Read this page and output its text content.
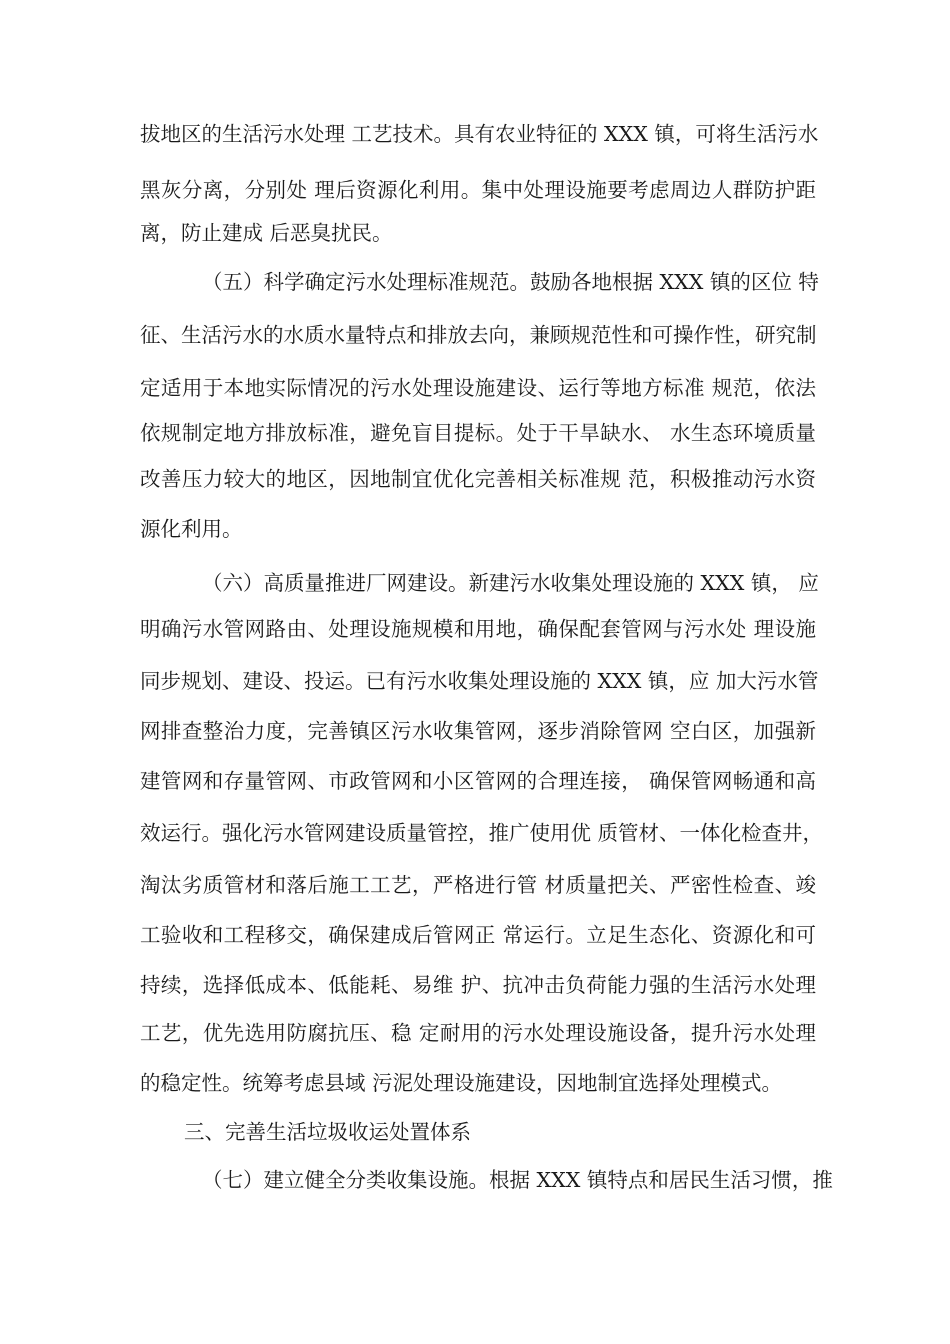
拔地区的生活污水处理 工艺技术。具有农业特征的 XXX 镇，可将生活污水
黑灰分离，分别处 理后资源化利用。集中处理设施要考虑周边人群防护距
离，防止建成 后恶臭扰民。
（五）科学确定污水处理标准规范。鼓励各地根据 XXX 镇的区位 特
征、生活污水的水质水量特点和排放去向，兼顾规范性和可操作性，研究制
定适用于本地实际情况的污水处理设施建设、运行等地方标准 规范，依法
依规制定地方排放标准，避免盲目提标。处于干旱缺水、 水生态环境质量
改善压力较大的地区，因地制宜优化完善相关标准规 范，积极推动污水资
源化利用。
（六）高质量推进厂网建设。新建污水收集处理设施的 XXX 镇， 应
明确污水管网路由、处理设施规模和用地，确保配套管网与污水处 理设施
同步规划、建设、投运。已有污水收集处理设施的 XXX 镇，应 加大污水管
网排查整治力度，完善镇区污水收集管网，逐步消除管网 空白区，加强新
建管网和存量管网、市政管网和小区管网的合理连接， 确保管网畅通和高
效运行。强化污水管网建设质量管控，推广使用优 质管材、一体化检查井，
淘汰劣质管材和落后施工工艺，严格进行管 材质量把关、严密性检查、竣
工验收和工程移交，确保建成后管网正 常运行。立足生态化、资源化和可
持续，选择低成本、低能耗、易维 护、抗冲击负荷能力强的生活污水处理
工艺，优先选用防腐抗压、稳 定耐用的污水处理设施设备，提升污水处理
的稳定性。统筹考虑县域 污泥处理设施建设，因地制宜选择处理模式。
三、完善生活垃圾收运处置体系
（七）建立健全分类收集设施。根据 XXX 镇特点和居民生活习惯，推
